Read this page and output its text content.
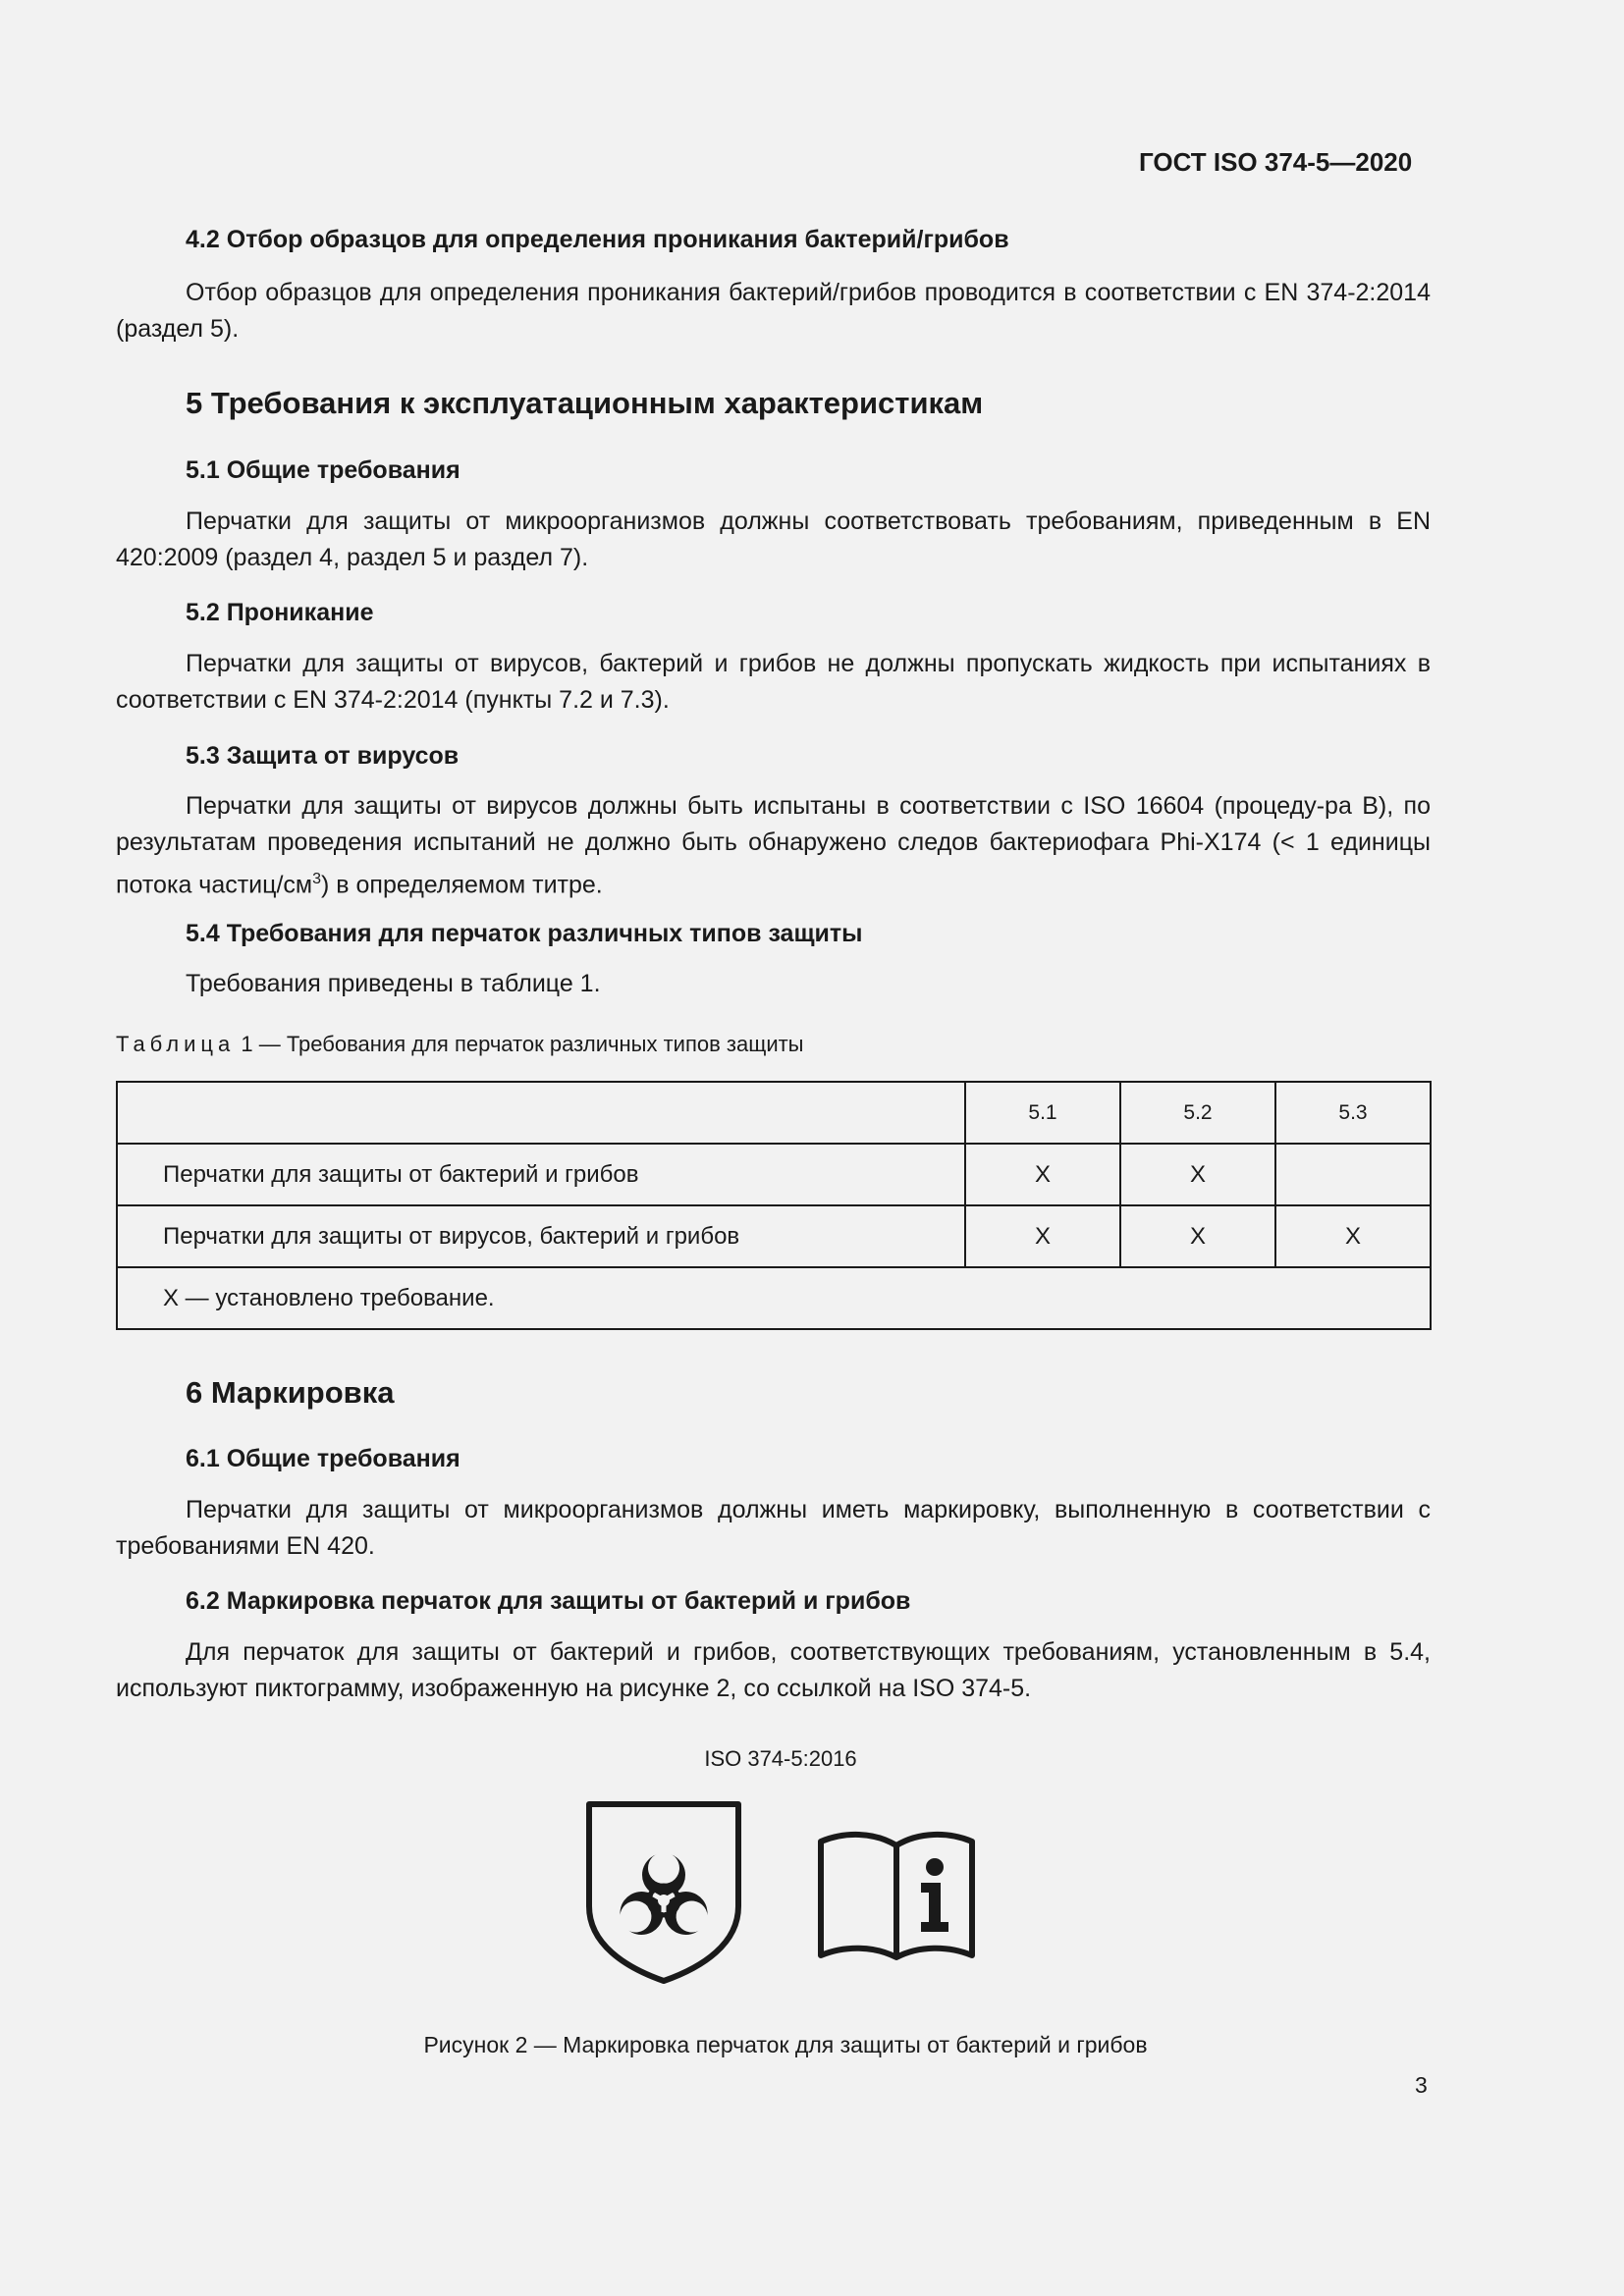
ГОСТ ISO 374-5—2020
4.2 Отбор образцов для определения проникания бактерий/грибов
Отбор образцов для определения проникания бактерий/грибов проводится в соответствии с EN 374-2:2014 (раздел 5).
5 Требования к эксплуатационным характеристикам
5.1 Общие требования
Перчатки для защиты от микроорганизмов должны соответствовать требованиям, приведенным в EN 420:2009 (раздел 4, раздел 5 и раздел 7).
5.2 Проникание
Перчатки для защиты от вирусов, бактерий и грибов не должны пропускать жидкость при испытаниях в соответствии с EN 374-2:2014 (пункты 7.2 и 7.3).
5.3 Защита от вирусов
Перчатки для защиты от вирусов должны быть испытаны в соответствии с ISO 16604 (процеду-ра B), по результатам проведения испытаний не должно быть обнаружено следов бактериофага Phi-X174 (< 1 единицы потока частиц/$см^3$) в определяемом титре.
5.4 Требования для перчаток различных типов защиты
Требования приведены в таблице 1.
Таблица 1 — Требования для перчаток различных типов защиты
	5.1	5.2	5.3
Перчатки для защиты от бактерий и грибов	X	X	
Перчатки для защиты от вирусов, бактерий и грибов	X	X	X
X — установлено требование.			
6 Маркировка
6.1 Общие требования
Перчатки для защиты от микроорганизмов должны иметь маркировку, выполненную в соответствии с требованиями EN 420.
6.2 Маркировка перчаток для защиты от бактерий и грибов
Для перчаток для защиты от бактерий и грибов, соответствующих требованиям, установленным в 5.4, используют пиктограмму, изображенную на рисунке 2, со ссылкой на ISO 374-5.
ISO 374-5:2016
Рисунок 2 — Маркировка перчаток для защиты от бактерий и грибов
3
